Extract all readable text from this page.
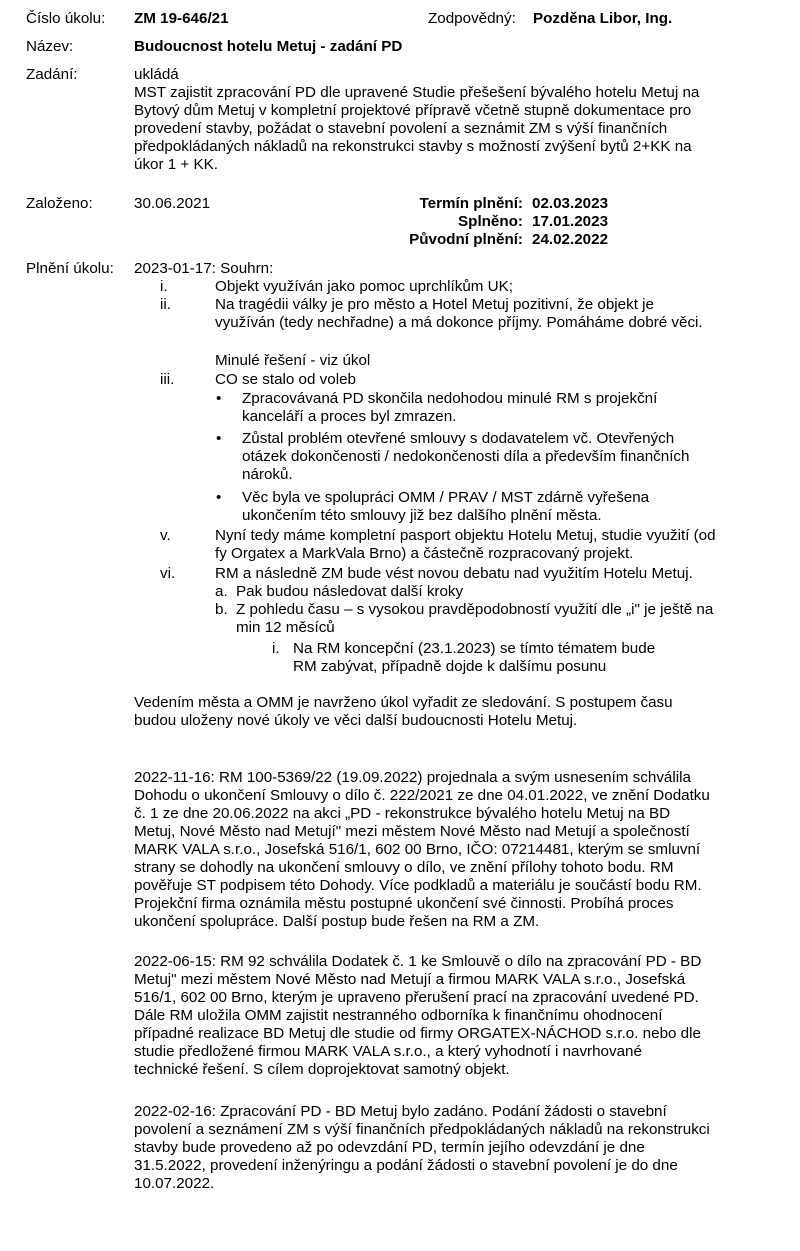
Číslo úkolu: ZM 19-646/21	Zodpovědný: Pozděna Libor, Ing.
Název:	Budoucnost hotelu Metuj - zadání PD
Zadání:	ukládá
MST zajistit zpracování PD dle upravené Studie přešešení bývalého hotelu Metuj na
Bytový dům Metuj v kompletní projektové přípravě včetně stupně dokumentace pro
provedení stavby, požádat o stavební povolení a seznámit ZM s výší finančních
předpokládaných nákladů na rekonstrukci stavby s možností zvýšení bytů 2+KK na
úkor 1 + KK.
Založeno:	30.06.2021	Termín plnění: 02.03.2023
Splněno: 17.01.2023
Původní plnění: 24.02.2022
Plnění úkolu: 2023-01-17: Souhrn:
i.	Objekt využíván jako pomoc uprchlíkům UK;
ii.	Na tragédii války je pro město a Hotel Metuj pozitivní, že objekt je
využíván (tedy nechřadne) a má dokonce příjmy. Pomáháme dobré věci.
Minulé řešení - viz úkol
iii.	CO se stalo od voleb
• Zpracovávaná PD skončila nedohodou minulé RM s projekční
kanceláří a proces byl zmrazen.
• Zůstal problém otevřené smlouvy s dodavatelem vč. Otevřených
otázek dokončenosti / nedokončenosti díla a především finančních
nároků.
• Věc byla ve spolupráci OMM / PRAV / MST zdárně vyřešena
ukončením této smlouvy již bez dalšího plnění města.
v.	Nyní tedy máme kompletní pasport objektu Hotelu Metuj, studie využití (od
fy Orgatex a MarkVala Brno) a částečně rozpracovaný projekt.
vi.	RM a následně ZM bude vést novou debatu nad využitím Hotelu Metuj.
a. Pak budou následovat další kroky
b. Z pohledu času – s vysokou pravděpodobností využití dle „i" je ještě na
min 12 měsíců
i. Na RM koncepční (23.1.2023) se tímto tématem bude
RM zabývat, případně dojde k dalšímu posunu
Vedením města a OMM je navrženo úkol vyřadit ze sledování. S postupem času
budou uloženy nové úkoly ve věci další budoucnosti Hotelu Metuj.
2022-11-16: RM 100-5369/22 (19.09.2022) projednala a svým usnesením schválila
Dohodu o ukončení Smlouvy o dílo č. 222/2021 ze dne 04.01.2022, ve znění Dodatku
č. 1 ze dne 20.06.2022 na akci „PD - rekonstrukce bývalého hotelu Metuj na BD
Metuj, Nové Město nad Metují" mezi městem Nové Město nad Metují a společností
MARK VALA s.r.o., Josefská 516/1, 602 00 Brno, IČO: 07214481, kterým se smluvní
strany se dohodly na ukončení smlouvy o dílo, ve znění přílohy tohoto bodu. RM
pověřuje ST podpisem této Dohody. Více podkladů a materiálu je součástí bodu RM.
Projekční firma oznámila městu postupné ukončení své činnosti. Probíhá proces
ukončení spolupráce. Další postup bude řešen na RM a ZM.
2022-06-15: RM 92 schválila Dodatek č. 1 ke Smlouvě o dílo na zpracování PD - BD
Metuj" mezi městem Nové Město nad Metují a firmou MARK VALA s.r.o., Josefská
516/1, 602 00 Brno, kterým je upraveno přerušení prací na zpracování uvedené PD.
Dále RM uložila OMM zajistit nestranného odborníka k finančnímu ohodnocení
případné realizace BD Metuj dle studie od firmy ORGATEX-NÁCHOD s.r.o. nebo dle
studie předložené firmou MARK VALA s.r.o., a který vyhodnotí i navrhované
technické řešení. S cílem doprojektovat samotný objekt.
2022-02-16: Zpracování PD - BD Metuj bylo zadáno. Podání žádosti o stavební
povolení a seznámení ZM s výší finančních předpokládaných nákladů na rekonstrukci
stavby bude provedeno až po odevzdání PD, termín jejího odevzdání je dne
31.5.2022, provedení inženýringu a podání žádosti o stavební povolení je do dne
10.07.2022.
